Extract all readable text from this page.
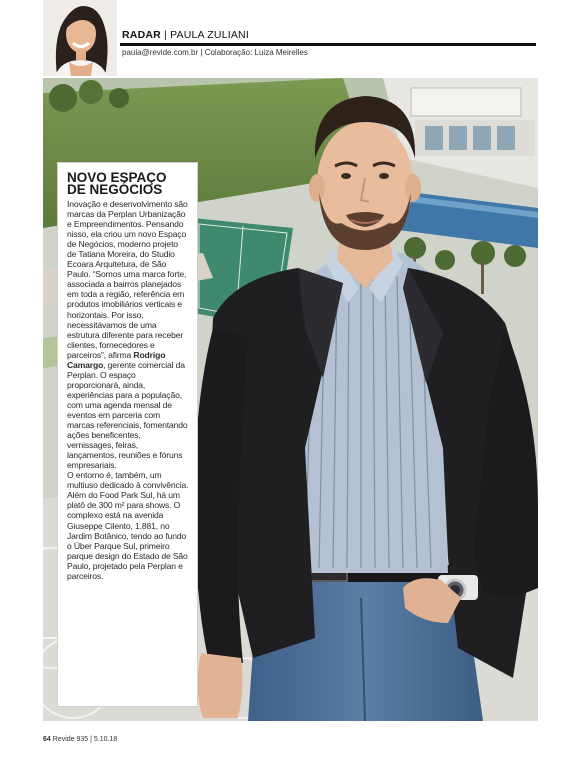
RADAR | PAULA ZULIANI
paula@revide.com.br | Colaboração: Luiza Meirelles
NOVO ESPAÇO
DE NEGÓCIOS

Inovação e desenvolvimento são marcas da Perplan Urbanização e Empreendimentos. Pensando nisso, ela criou um novo Espaço de Negócios, moderno projeto de Tatiana Moreira, do Studio Ecoara Arquitetura, de São Paulo. “Somos uma marca forte, associada a bairros planejados em toda a região, referência em produtos imobiliários verticais e horizontais. Por isso, necessitávamos de uma estrutura diferente para receber clientes, fornecedores e parceiros”, afirma Rodrigo Camargo, gerente comercial da Perplan. O espaço proporcionará, ainda, experiências para a população, com uma agenda mensal de eventos em parceria com marcas referenciais, fomentando ações beneficentes, vernissages, feiras, lançamentos, reuniões e fóruns empresariais.

O entorno é, também, um multiuso dedicado à convivência. Além do Food Park Sul, há um platô de 300 m² para shows. O complexo está na avenida Giuseppe Cilento, 1.881, no Jardim Botânico, tendo ao fundo o Über Parque Sul, primeiro parque design do Estado de São Paulo, projetado pela Perplan e parceiros.

64 Revide 935 | 5.10.18
